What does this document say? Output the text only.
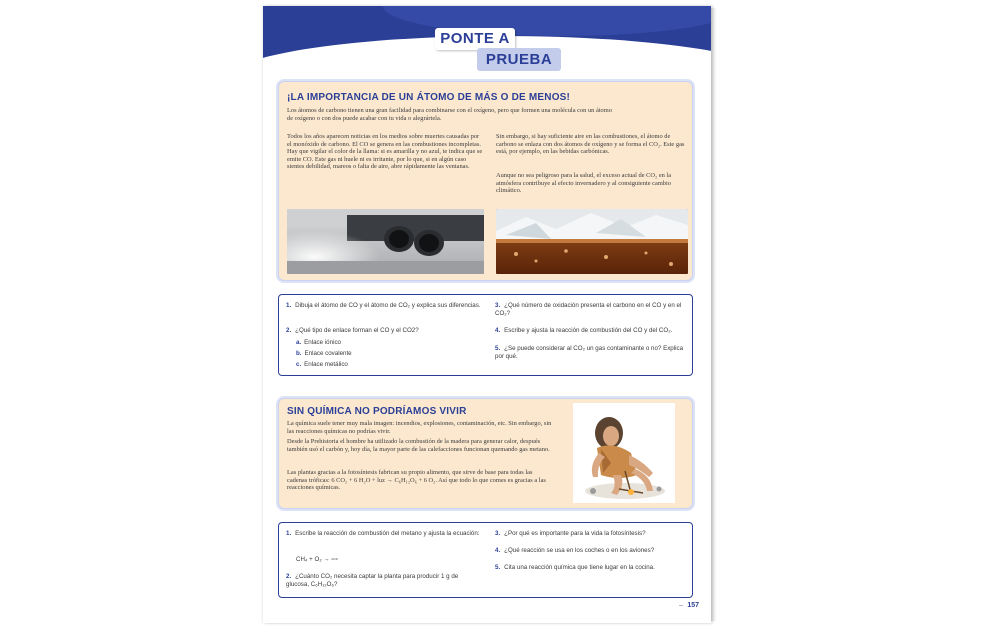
PONTE A
PRUEBA
¡LA IMPORTANCIA DE UN ÁTOMO DE MÁS O DE MENOS!
Los átomos de carbono tienen una gran facilidad para combinarse con el oxígeno, pero que formen una molécula con un átomo de oxígeno o con dos puede acabar con tu vida o alegrártela.
Todos los años aparecen noticias en los medios sobre muertes causadas por el monóxido de carbono. El CO se genera en las combustiones incompletas. Hay que vigilar el color de la llama: si es amarilla y no azul, te indica que se emite CO. Este gas ni huele ni es irritante, por lo que, si en algún caso sientes debilidad, mareos o falta de aire, abre rápidamente las ventanas.
Sin embargo, si hay suficiente aire en las combustiones, el átomo de carbono se enlaza con dos átomos de oxígeno y se forma el CO₂. Este gas está, por ejemplo, en las bebidas carbónicas.
Aunque no sea peligroso para la salud, el exceso actual de CO₂ en la atmósfera contribuye al efecto invernadero y al consiguiente cambio climático.
1. Dibuja el átomo de CO y el átomo de CO₂ y explica sus diferencias.
2. ¿Qué tipo de enlace forman el CO y el CO2?
a. Enlace iónico
b. Enlace covalente
c. Enlace metálico
3. ¿Qué número de oxidación presenta el carbono en el CO y en el CO₂?
4. Escribe y ajusta la reacción de combustión del CO y del CO₂.
5. ¿Se puede considerar al CO₂ un gas contaminante o no? Explica por qué.
SIN QUÍMICA NO PODRÍAMOS VIVIR
La química suele tener muy mala imagen: incendios, explosiones, contaminación, etc. Sin embargo, sin las reacciones químicas no podrías vivir.
Desde la Prehistoria el hombre ha utilizado la combustión de la madera para generar calor, después también usó el carbón y, hoy día, la mayor parte de las calefacciones funcionan quemando gas metano.
Las plantas gracias a la fotosíntesis fabrican su propio alimento, que sirve de base para todas las cadenas tróficas: 6 CO₂ + 6 H₂O + luz → C₆H₁₂O₆ + 6 O₂. Así que todo lo que comes es gracias a las reacciones químicas.
1. Escribe la reacción de combustión del metano y ajusta la ecuación:
CH₄ + O₂ → ▫▫▫
2. ¿Cuánto CO₂ necesita captar la planta para producir 1 g de glucosa, C₆H₁₂O₆?
3. ¿Por qué es importante para la vida la fotosíntesis?
4. ¿Qué reacción se usa en los coches o en los aviones?
5. Cita una reacción química que tiene lugar en la cocina.
157
